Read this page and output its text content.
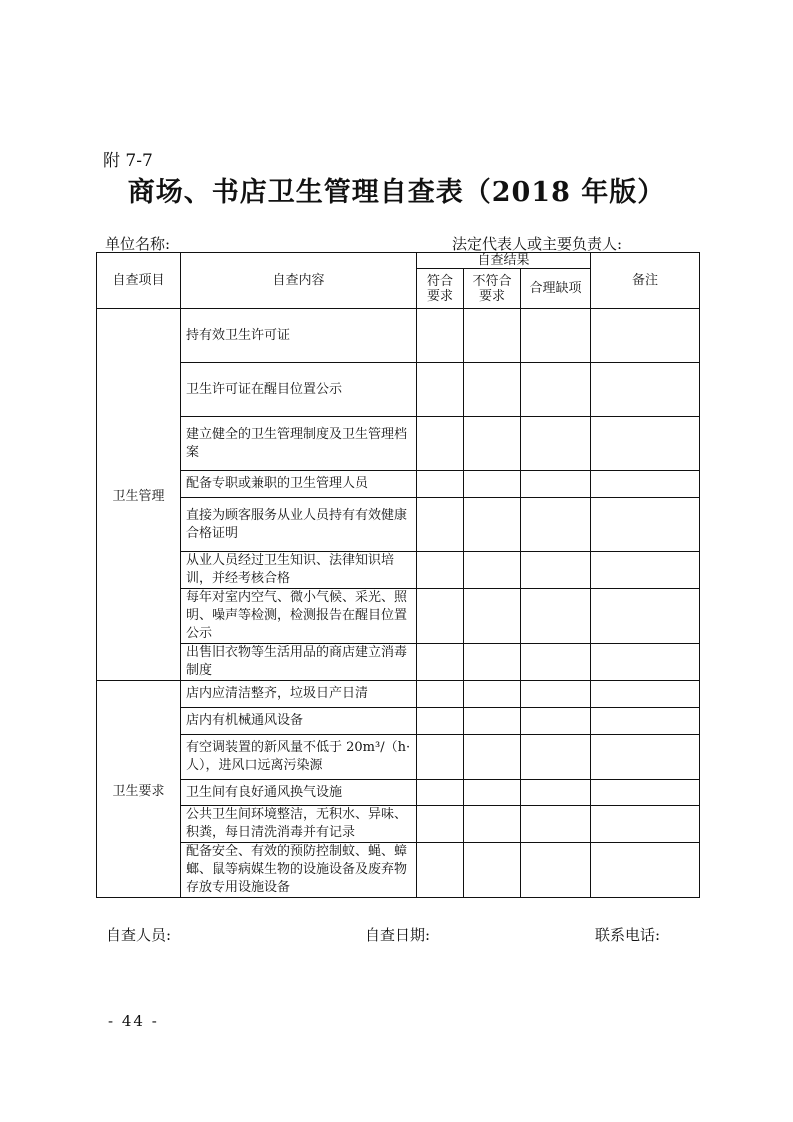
附 7-7
商场、书店卫生管理自查表（2018 年版）
单位名称:	法定代表人或主要负责人:
自查项目	自查内容	自查结果			备注
		符合要求	不符合要求	合理缺项	
卫生管理	持有效卫生许可证				
	卫生许可证在醒目位置公示				
	建立健全的卫生管理制度及卫生管理档案				
	配备专职或兼职的卫生管理人员				
	直接为顾客服务从业人员持有有效健康合格证明				
	从业人员经过卫生知识、法律知识培训，并经考核合格				
	每年对室内空气、微小气候、采光、照明、噪声等检测，检测报告在醒目位置公示				
	出售旧衣物等生活用品的商店建立消毒制度				
卫生要求	店内应清洁整齐，垃圾日产日清				
	店内有机械通风设备				
	有空调装置的新风量不低于 20m³/（h·人），进风口远离污染源				
	卫生间有良好通风换气设施				
	公共卫生间环境整洁，无积水、异味、积粪，每日清洗消毒并有记录				
	配备安全、有效的预防控制蚊、蝇、蟑螂、鼠等病媒生物的设施设备及废弃物存放专用设施设备				
自查人员:	自查日期:	联系电话:
- 44 -
